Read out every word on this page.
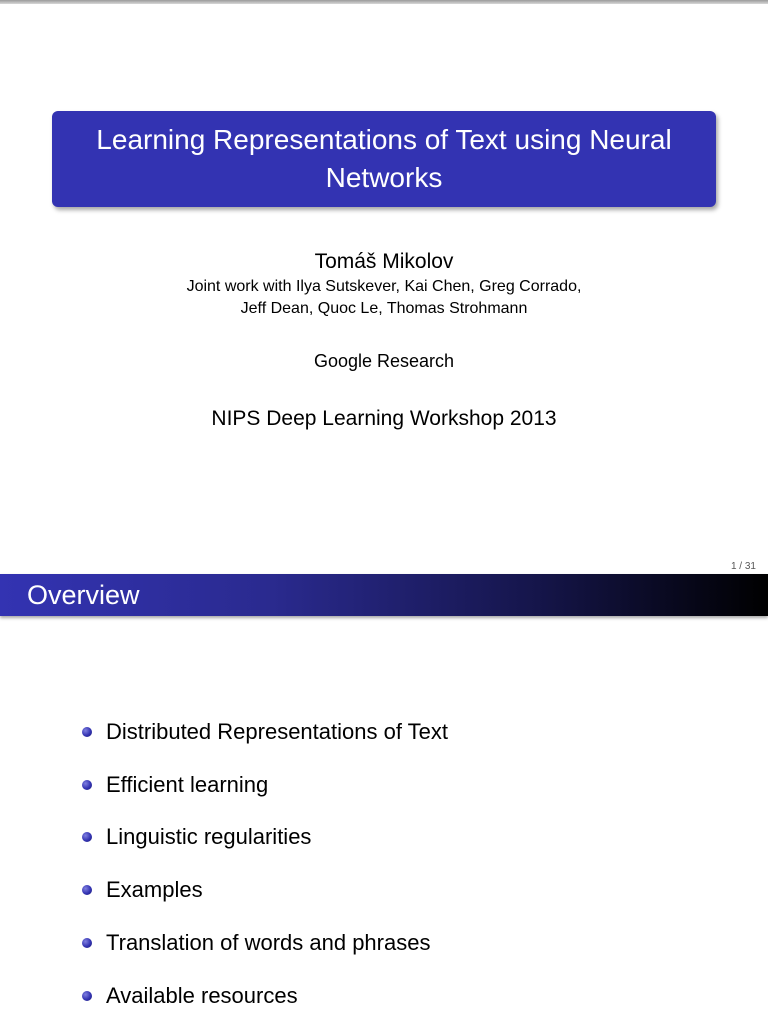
Learning Representations of Text using Neural Networks
Tomáš Mikolov
Joint work with Ilya Sutskever, Kai Chen, Greg Corrado,
Jeff Dean, Quoc Le, Thomas Strohmann
Google Research
NIPS Deep Learning Workshop 2013
1 / 31
Overview
Distributed Representations of Text
Efficient learning
Linguistic regularities
Examples
Translation of words and phrases
Available resources
